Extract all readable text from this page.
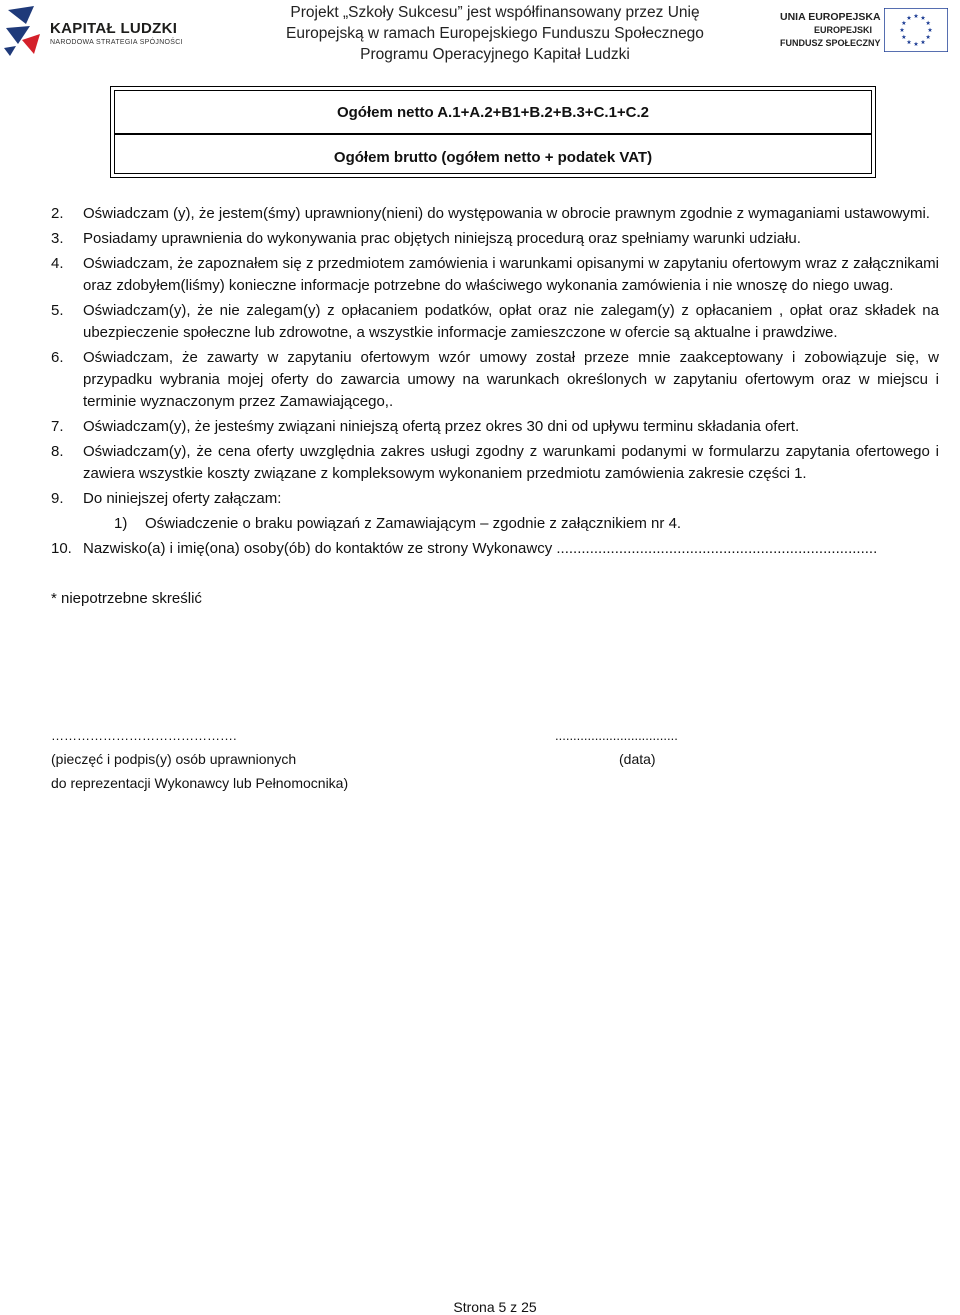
KAPITAŁ LUDZKI
NARODOWA STRATEGIA SPÓJNOŚCI
Projekt „Szkoły Sukcesu” jest współfinansowany przez Unię
Europejską w ramach Europejskiego Funduszu Społecznego
Programu Operacyjnego Kapitał Ludzki
UNIA EUROPEJSKA
EUROPEJSKI
FUNDUSZ SPOŁECZNY
Ogółem netto A.1+A.2+B1+B.2+B.3+C.1+C.2
Ogółem brutto (ogółem netto + podatek VAT)
2. Oświadczam (y), że jestem(śmy) uprawniony(nieni) do występowania w obrocie prawnym zgodnie z wymaganiami ustawowymi.
3. Posiadamy uprawnienia do wykonywania prac objętych niniejszą procedurą oraz spełniamy warunki udziału.
4. Oświadczam, że zapoznałem się z przedmiotem zamówienia i warunkami opisanymi w zapytaniu ofertowym wraz z załącznikami oraz zdobyłem(liśmy) konieczne informacje potrzebne do właściwego wykonania zamówienia i nie wnoszę do niego uwag.
5. Oświadczam(y), że nie zalegam(y) z opłacaniem podatków, opłat oraz nie zalegam(y) z opłacaniem , opłat oraz składek na ubezpieczenie społeczne lub zdrowotne, a wszystkie informacje zamieszczone w ofercie są aktualne i prawdziwe.
6. Oświadczam, że zawarty w zapytaniu ofertowym wzór umowy został przeze mnie zaakceptowany i zobowiązuje się, w przypadku wybrania mojej oferty do zawarcia umowy na warunkach określonych w zapytaniu ofertowym oraz w miejscu i terminie wyznaczonym przez Zamawiającego,.
7. Oświadczam(y), że jesteśmy związani niniejszą ofertą przez okres 30 dni od upływu terminu składania ofert.
8. Oświadczam(y), że cena oferty uwzględnia zakres usługi zgodny z warunkami podanymi w formularzu zapytania ofertowego i zawiera wszystkie koszty związane z kompleksowym wykonaniem przedmiotu zamówienia zakresie części 1.
9. Do niniejszej oferty załączam:
1)	Oświadczenie o braku powiązań z Zamawiającym – zgodnie z załącznikiem nr 4.
10. Nazwisko(a) i imię(ona) osoby(ób) do kontaktów ze strony Wykonawcy .............................................................................
* niepotrzebne skreślić
…………………………………….	..................................
(pieczęć i podpis(y) osób uprawnionych
do reprezentacji Wykonawcy lub Pełnomocnika)
(data)
Strona 5 z 25
